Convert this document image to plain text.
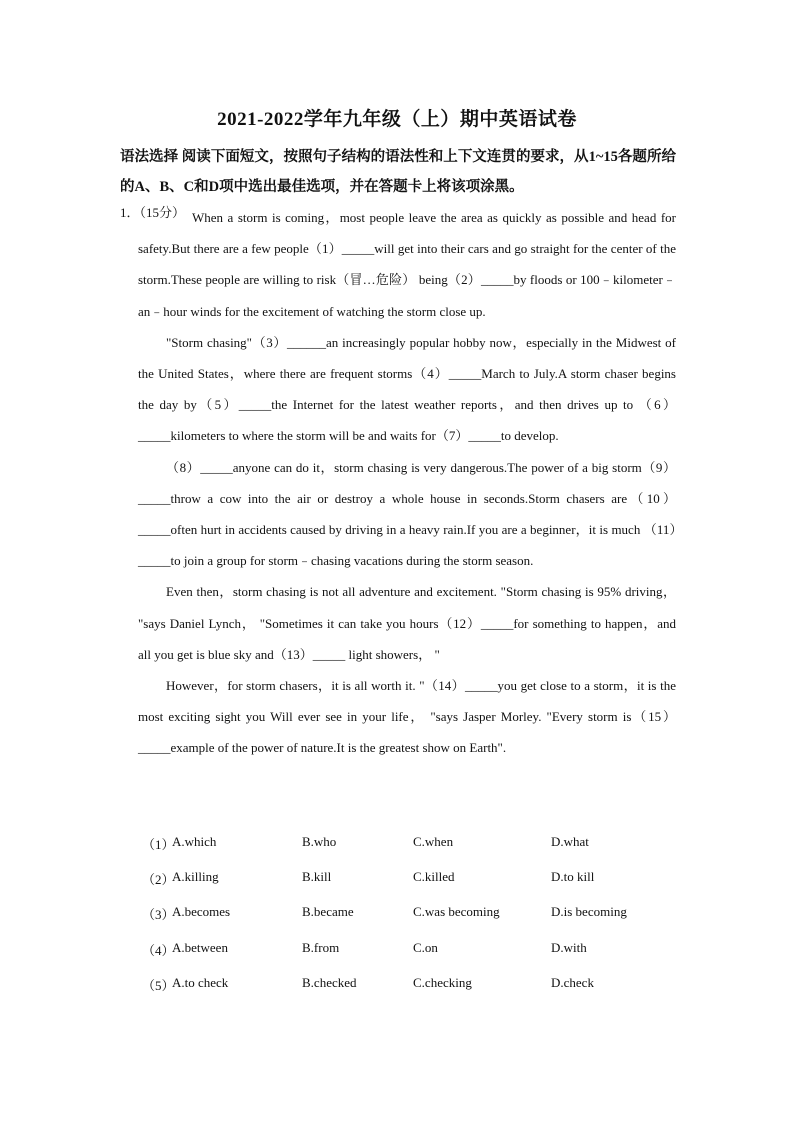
2021-2022学年九年级（上）期中英语试卷
语法选择 阅读下面短文，按照句子结构的语法性和上下文连贯的要求，从1~15各题所给的A、B、C和D项中选出最佳选项，并在答题卡上将该项涂黑。
1．（15分） When a storm is coming，most people leave the area as quickly as possible and head for safety.But there are a few people（1）_____will get into their cars and go straight for the center of the storm.These people are willing to risk（冒…危险） being（2）_____by floods or 100﹣kilometer﹣ an﹣hour winds for the excitement of watching the storm close up.

"Storm chasing"（3）______an increasingly popular hobby now，especially in the Midwest of the United States，where there are frequent storms（4）_____March to July.A storm chaser begins the day by（5）_____the Internet for the latest weather reports，and then drives up to （6）_____kilometers to where the storm will be and waits for（7）_____to develop.

（8）_____anyone can do it，storm chasing is very dangerous.The power of a big storm（9）_____throw a cow into the air or destroy a whole house in seconds.Storm chasers are（10）_____often hurt in accidents caused by driving in a heavy rain.If you are a beginner，it is much （11）_____to join a group for storm﹣chasing vacations during the storm season.

Even then，storm chasing is not all adventure and excitement. "Storm chasing is 95% driving， "says Daniel Lynch， "Sometimes it can take you hours（12）_____for something to happen，and all you get is blue sky and（13）_____ light showers， "

However，for storm chasers，it is all worth it. "（14）_____you get close to a storm，it is the most exciting sight you Will ever see in your life， "says Jasper Morley. "Every storm is（15）_____example of the power of nature.It is the greatest show on Earth".

（1）
A.which	B.who	C.when	D.what
（2）
A.killing	B.kill	C.killed	D.to kill
（3）
A.becomes	B.became	C.was becoming	D.is becoming
（4）
A.between	B.from	C.on	D.with
（5）
A.to check	B.checked	C.checking	D.check
